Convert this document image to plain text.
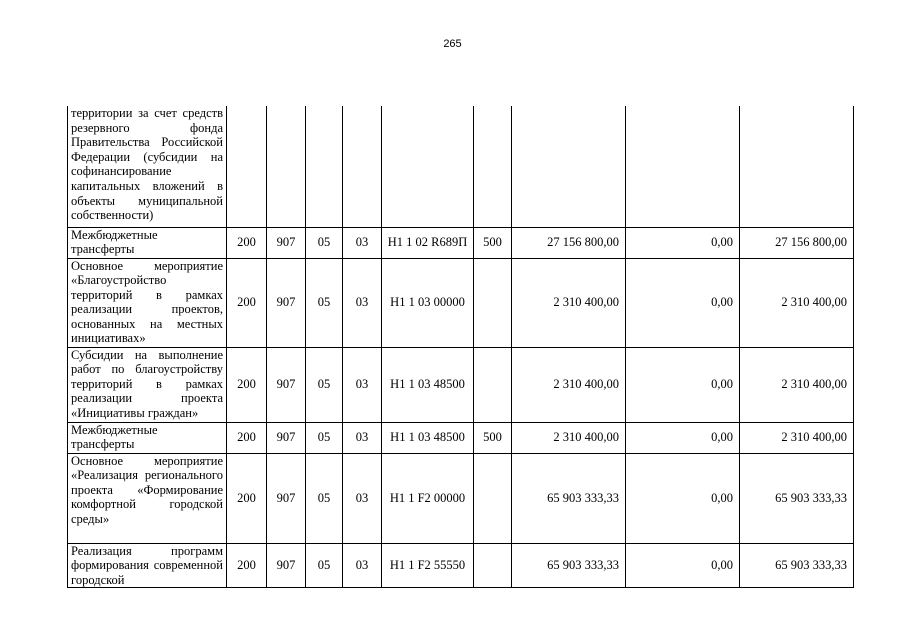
265
территории за счет средств резервного фонда Правительства Российской Федерации (субсидии на софинансирование капитальных вложений в объекты муниципальной собственности)									

Межбюджетные трансферты	200	907	05	03	Н1 1 02 R689П	500	27 156 800,00	0,00	27 156 800,00

Основное мероприятие «Благоустройство территорий в рамках реализации проектов, основанных на местных инициативах»	200	907	05	03	Н1 1 03 00000		2 310 400,00	0,00	2 310 400,00

Субсидии на выполнение работ по благоустройству территорий в рамках реализации проекта «Инициативы граждан»	200	907	05	03	Н1 1 03 48500		2 310 400,00	0,00	2 310 400,00

Межбюджетные трансферты	200	907	05	03	Н1 1 03 48500	500	2 310 400,00	0,00	2 310 400,00

Основное мероприятие «Реализация регионального проекта «Формирование комфортной городской среды»	200	907	05	03	Н1 1 F2 00000		65 903 333,33	0,00	65 903 333,33

Реализация программ формирования современной городской	200	907	05	03	Н1 1 F2 55550		65 903 333,33	0,00	65 903 333,33
